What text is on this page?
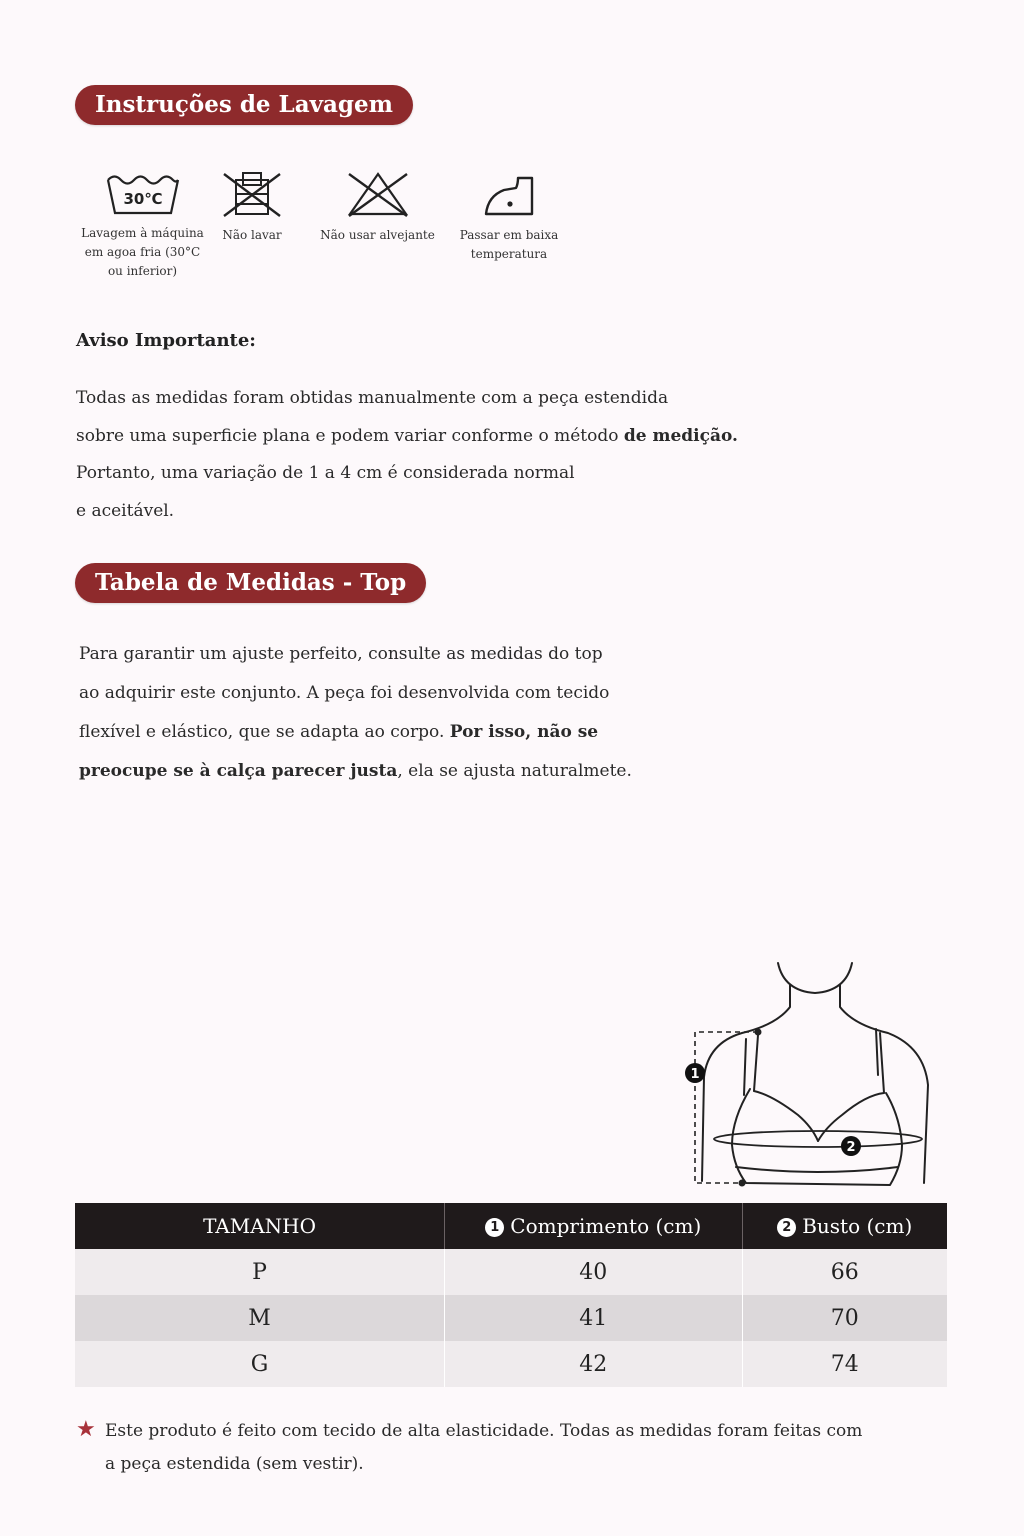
Instruções de Lavagem
30℃
Lavagem à máquina
em agoa fria (30°C
ou inferior)
Não lavar	Não usar alvejante	Passar em baixa
temperatura
Aviso Importante:

Todas as medidas foram obtidas manualmente com a peça estendida

sobre uma superficie plana e podem variar conforme o método de medição.

Portanto, uma variação de 1 a 4 cm é considerada normal

e aceitável.

Tabela de Medidas - Top

Para garantir um ajuste perfeito, consulte as medidas do top

ao adquirir este conjunto. A peça foi desenvolvida com tecido

flexível e elástico, que se adapta ao corpo. Por isso, não se

preocupe se à calça parecer justa, ela se ajusta naturalmete.

1
2
TAMANHO	1 Comprimento (cm)	2 Busto (cm)
P	40	66
M	41	70
G	42	74
★ Este produto é feito com tecido de alta elasticidade. Todas as medidas foram feitas com

a peça estendida (sem vestir).
